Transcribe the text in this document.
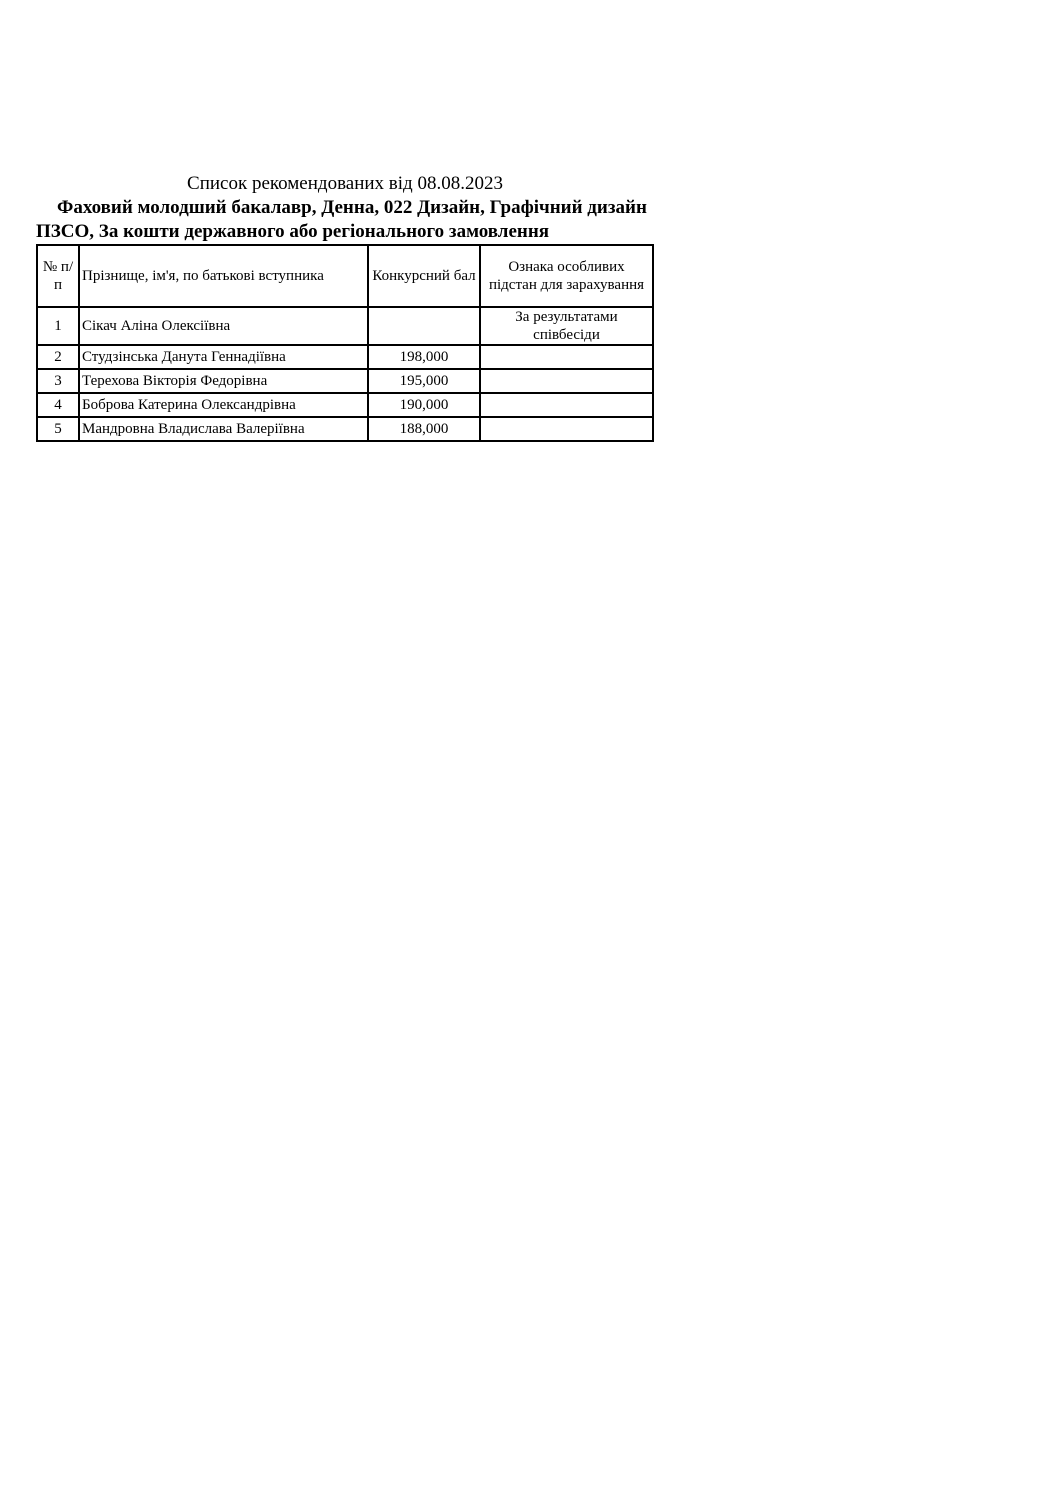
Список рекомендованих від 08.08.2023

Фаховий молодший бакалавр, Денна, 022 Дизайн, Графічний дизайн ПЗСО, За кошти державного або регіонального замовлення

№ п/п	Прізнище, ім'я, по батькові вступника	Конкурсний бал	Ознака особливих підстан для зарахування
1	Сікач Аліна Олексіївна		За результатами співбесіди
2	Студзінська Данута Геннадіївна	198,000	
3	Терехова Вікторія Федорівна	195,000	
4	Боброва Катерина Олександрівна	190,000	
5	Мандровна Владислава Валеріївна	188,000	
